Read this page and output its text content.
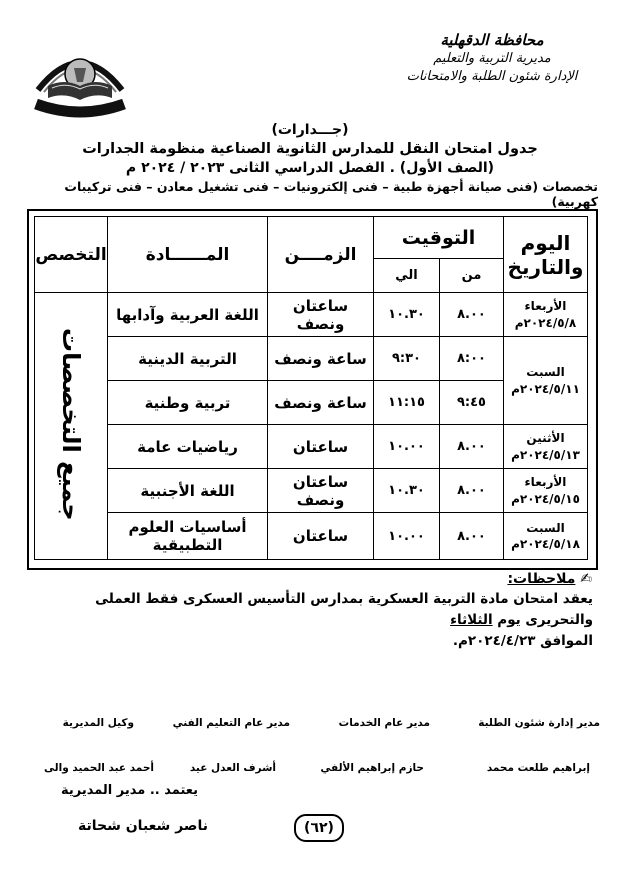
محافظة الدقهلية
مديرية التربية والتعليم
الإدارة شئون الطلبة والامتحانات

(جـــدارات)

جدول امتحان النقل للمدارس الثانوية الصناعية منظومة الجدارات

(الصف الأول) . الفصل الدراسي الثانى ٢٠٢٣ / ٢٠٢٤ م

تخصصات (فنى صيانة أجهزة طبية – فنى إلكترونيات – فنى تشغيل معادن – فنى تركيبات كهربية)

اليوم والتاريخ	التوقيت		الزمــــن	المــــــادة	التخصص
	من	الي			
الأربعاء
٢٠٢٤/٥/٨م	٨.٠٠	١٠.٣٠	ساعتان ونصف	اللغة العربية وآدابها	جميع التخصصات
السبت
٢٠٢٤/٥/١١م	٨:٠٠	٩:٣٠	ساعة ونصف	التربية الدينية	
	٩:٤٥	١١:١٥	ساعة ونصف	تربية وطنية	
الأثنين
٢٠٢٤/٥/١٣م	٨.٠٠	١٠.٠٠	ساعتان	رياضيات عامة	
الأربعاء
٢٠٢٤/٥/١٥م	٨.٠٠	١٠.٣٠	ساعتان ونصف	اللغة الأجنبية	
السبت
٢٠٢٤/٥/١٨م	٨.٠٠	١٠.٠٠	ساعتان	أساسيات العلوم التطبيقية	
✍ ملاحظات:
يعقد امتحان مادة التربية العسكرية بمدارس التأسيس العسكرى فقط العملى والتحريرى يوم الثلاثاء
الموافق ٢٠٢٤/٤/٢٣م.
مدير إدارة شئون الطلبة
مدير عام الخدمات
مدير عام التعليم الفني
وكيل المديرية
إبراهيم طلعت محمد
حازم إبراهيم الألفي
أشرف العدل عيد
أحمد عبد الحميد والى
يعتمد .. مدير المديرية
(٦٢)
ناصر شعبان شحاتة
